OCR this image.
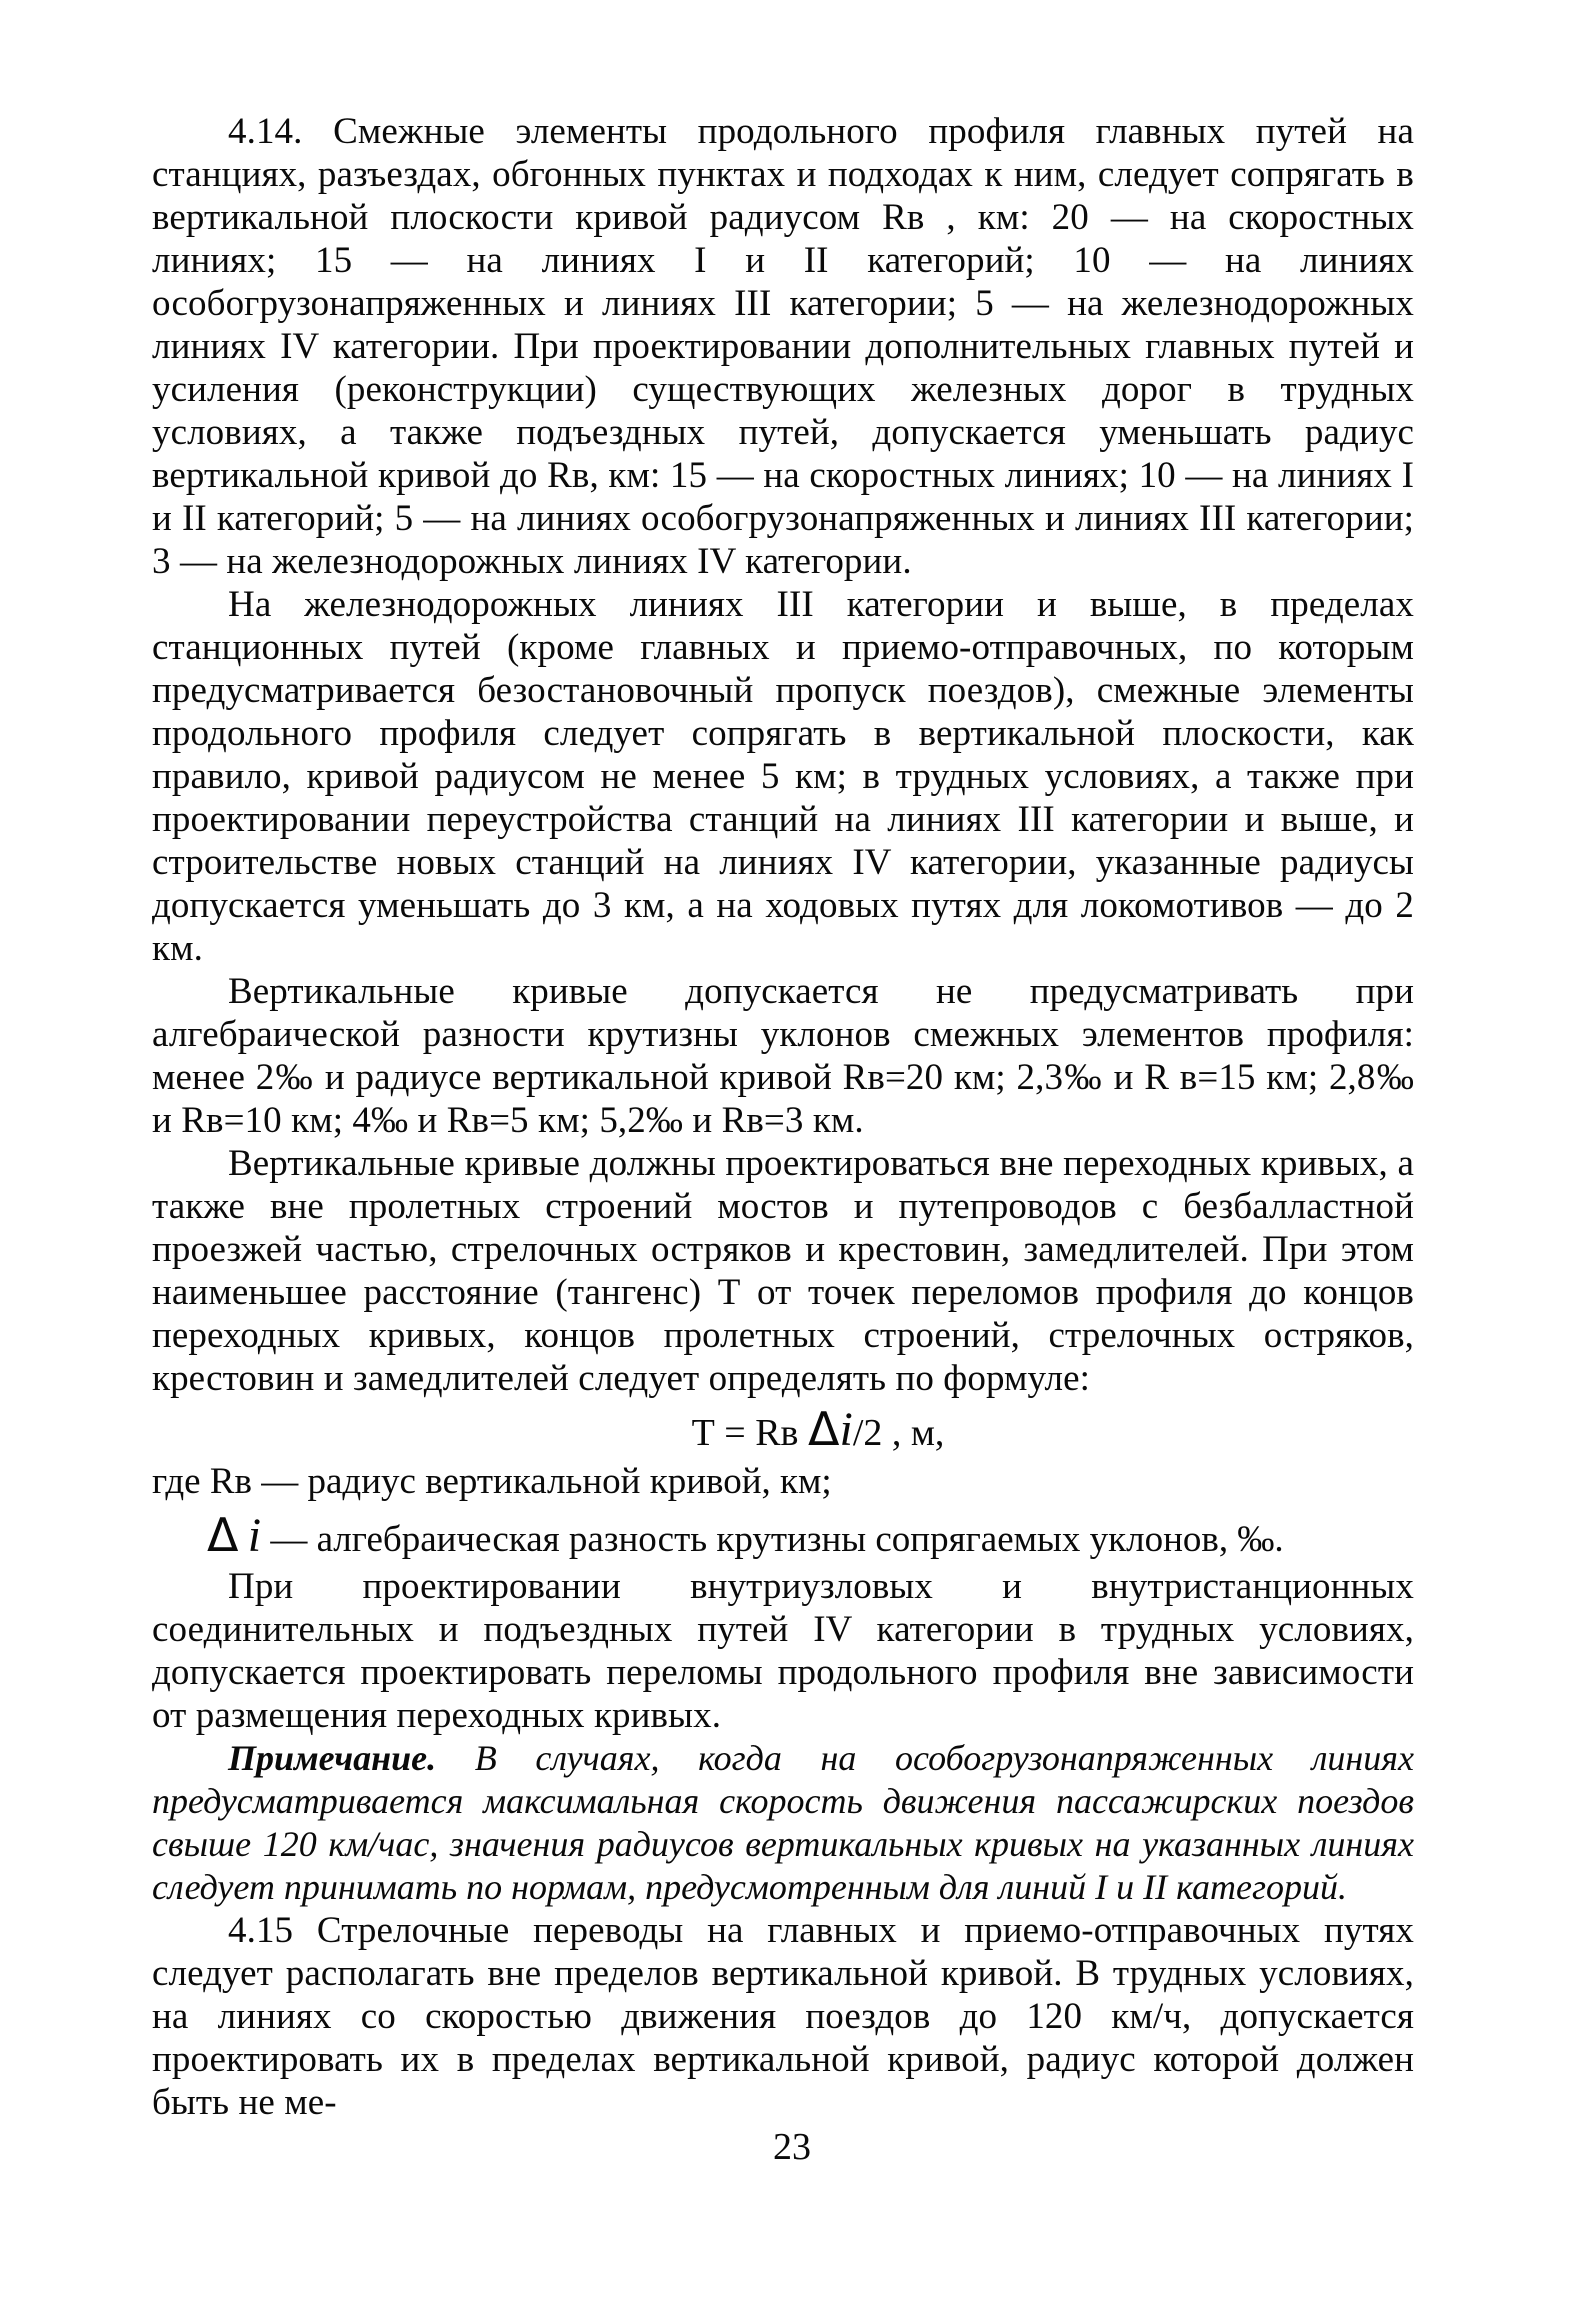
4.14. Смежные элементы продольного профиля главных путей на станциях, разъездах, обгонных пунктах и подходах к ним, следует сопрягать в вертикальной плоскости кривой радиусом Rв , км: 20 — на скоростных линиях; 15 — на линиях I и II категорий; 10 — на линиях особогрузонапряженных и линиях III категории; 5 — на железнодорожных линиях IV категории. При проектировании дополнительных главных путей и усиления (реконструкции) существующих железных дорог в трудных условиях, а также подъездных путей, допускается уменьшать радиус вертикальной кривой до Rв, км: 15 — на скоростных линиях; 10 — на линиях I и II категорий; 5 — на линиях особогрузонапряженных и линиях III категории; 3 — на железнодорожных линиях IV категории.

На железнодорожных линиях III категории и выше, в пределах станционных путей (кроме главных и приемо-отправочных, по которым предусматривается безостановочный пропуск поездов), смежные элементы продольного профиля следует сопрягать в вертикальной плоскости, как правило, кривой радиусом не менее 5 км; в трудных условиях, а также при проектировании переустройства станций на линиях III категории и выше, и строительстве новых станций на линиях IV категории, указанные радиусы допускается уменьшать до 3 км, а на ходовых путях для локомотивов — до 2 км.

Вертикальные кривые допускается не предусматривать при алгебраической разности крутизны уклонов смежных элементов профиля: менее 2‰ и радиусе вертикальной кривой Rв=20 км; 2,3‰ и R в=15 км; 2,8‰ и Rв=10 км; 4‰ и Rв=5 км; 5,2‰ и Rв=3 км.

Вертикальные кривые должны проектироваться вне переходных кривых, а также вне пролетных строений мостов и путепроводов с безбалластной проезжей частью, стрелочных остряков и крестовин, замедлителей. При этом наименьшее расстояние (тангенс) Т от точек переломов профиля до концов переходных кривых, концов пролетных строений, стрелочных остряков, крестовин и замедлителей следует определять по формуле:

Т = Rв Δi/2 , м,

где Rв — радиус вертикальной кривой, км;

Δ i — алгебраическая разность крутизны сопрягаемых уклонов, ‰.

При проектировании внутриузловых и внутристанционных соединительных и подъездных путей IV категории в трудных условиях, допускается проектировать переломы продольного профиля вне зависимости от размещения переходных кривых.

Примечание. В случаях, когда на особогрузонапряженных линиях предусматривается максимальная скорость движения пассажирских поездов свыше 120 км/час, значения радиусов вертикальных кривых на указанных линиях следует принимать по нормам, предусмотренным для линий I и II категорий.

4.15 Стрелочные переводы на главных и приемо-отправочных путях следует располагать вне пределов вертикальной кривой. В трудных условиях, на линиях со скоростью движения поездов до 120 км/ч, допускается проектировать их в пределах вертикальной кривой, радиус которой должен быть не ме-

23
